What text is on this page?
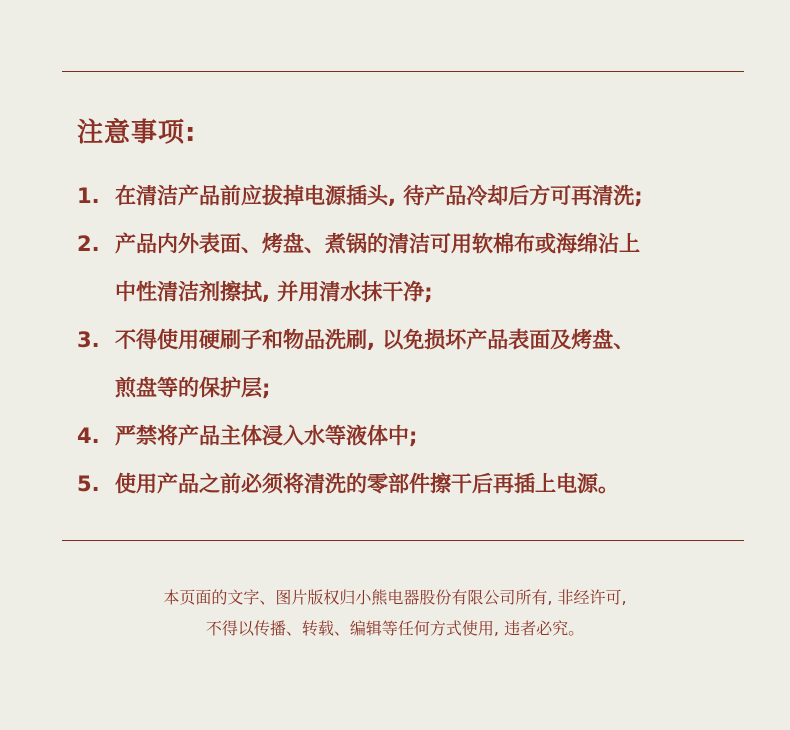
注意事项:
1. 在清洁产品前应拔掉电源插头, 待产品冷却后方可再清洗;
2. 产品内外表面、烤盘、煮锅的清洁可用软棉布或海绵沾上
中性清洁剂擦拭, 并用清水抹干净;
3. 不得使用硬刷子和物品洗刷, 以免损坏产品表面及烤盘、
煎盘等的保护层;
4. 严禁将产品主体浸入水等液体中;
5. 使用产品之前必须将清洗的零部件擦干后再插上电源。
本页面的文字、图片版权归小熊电器股份有限公司所有, 非经许可,
不得以传播、转载、编辑等任何方式使用, 违者必究。
